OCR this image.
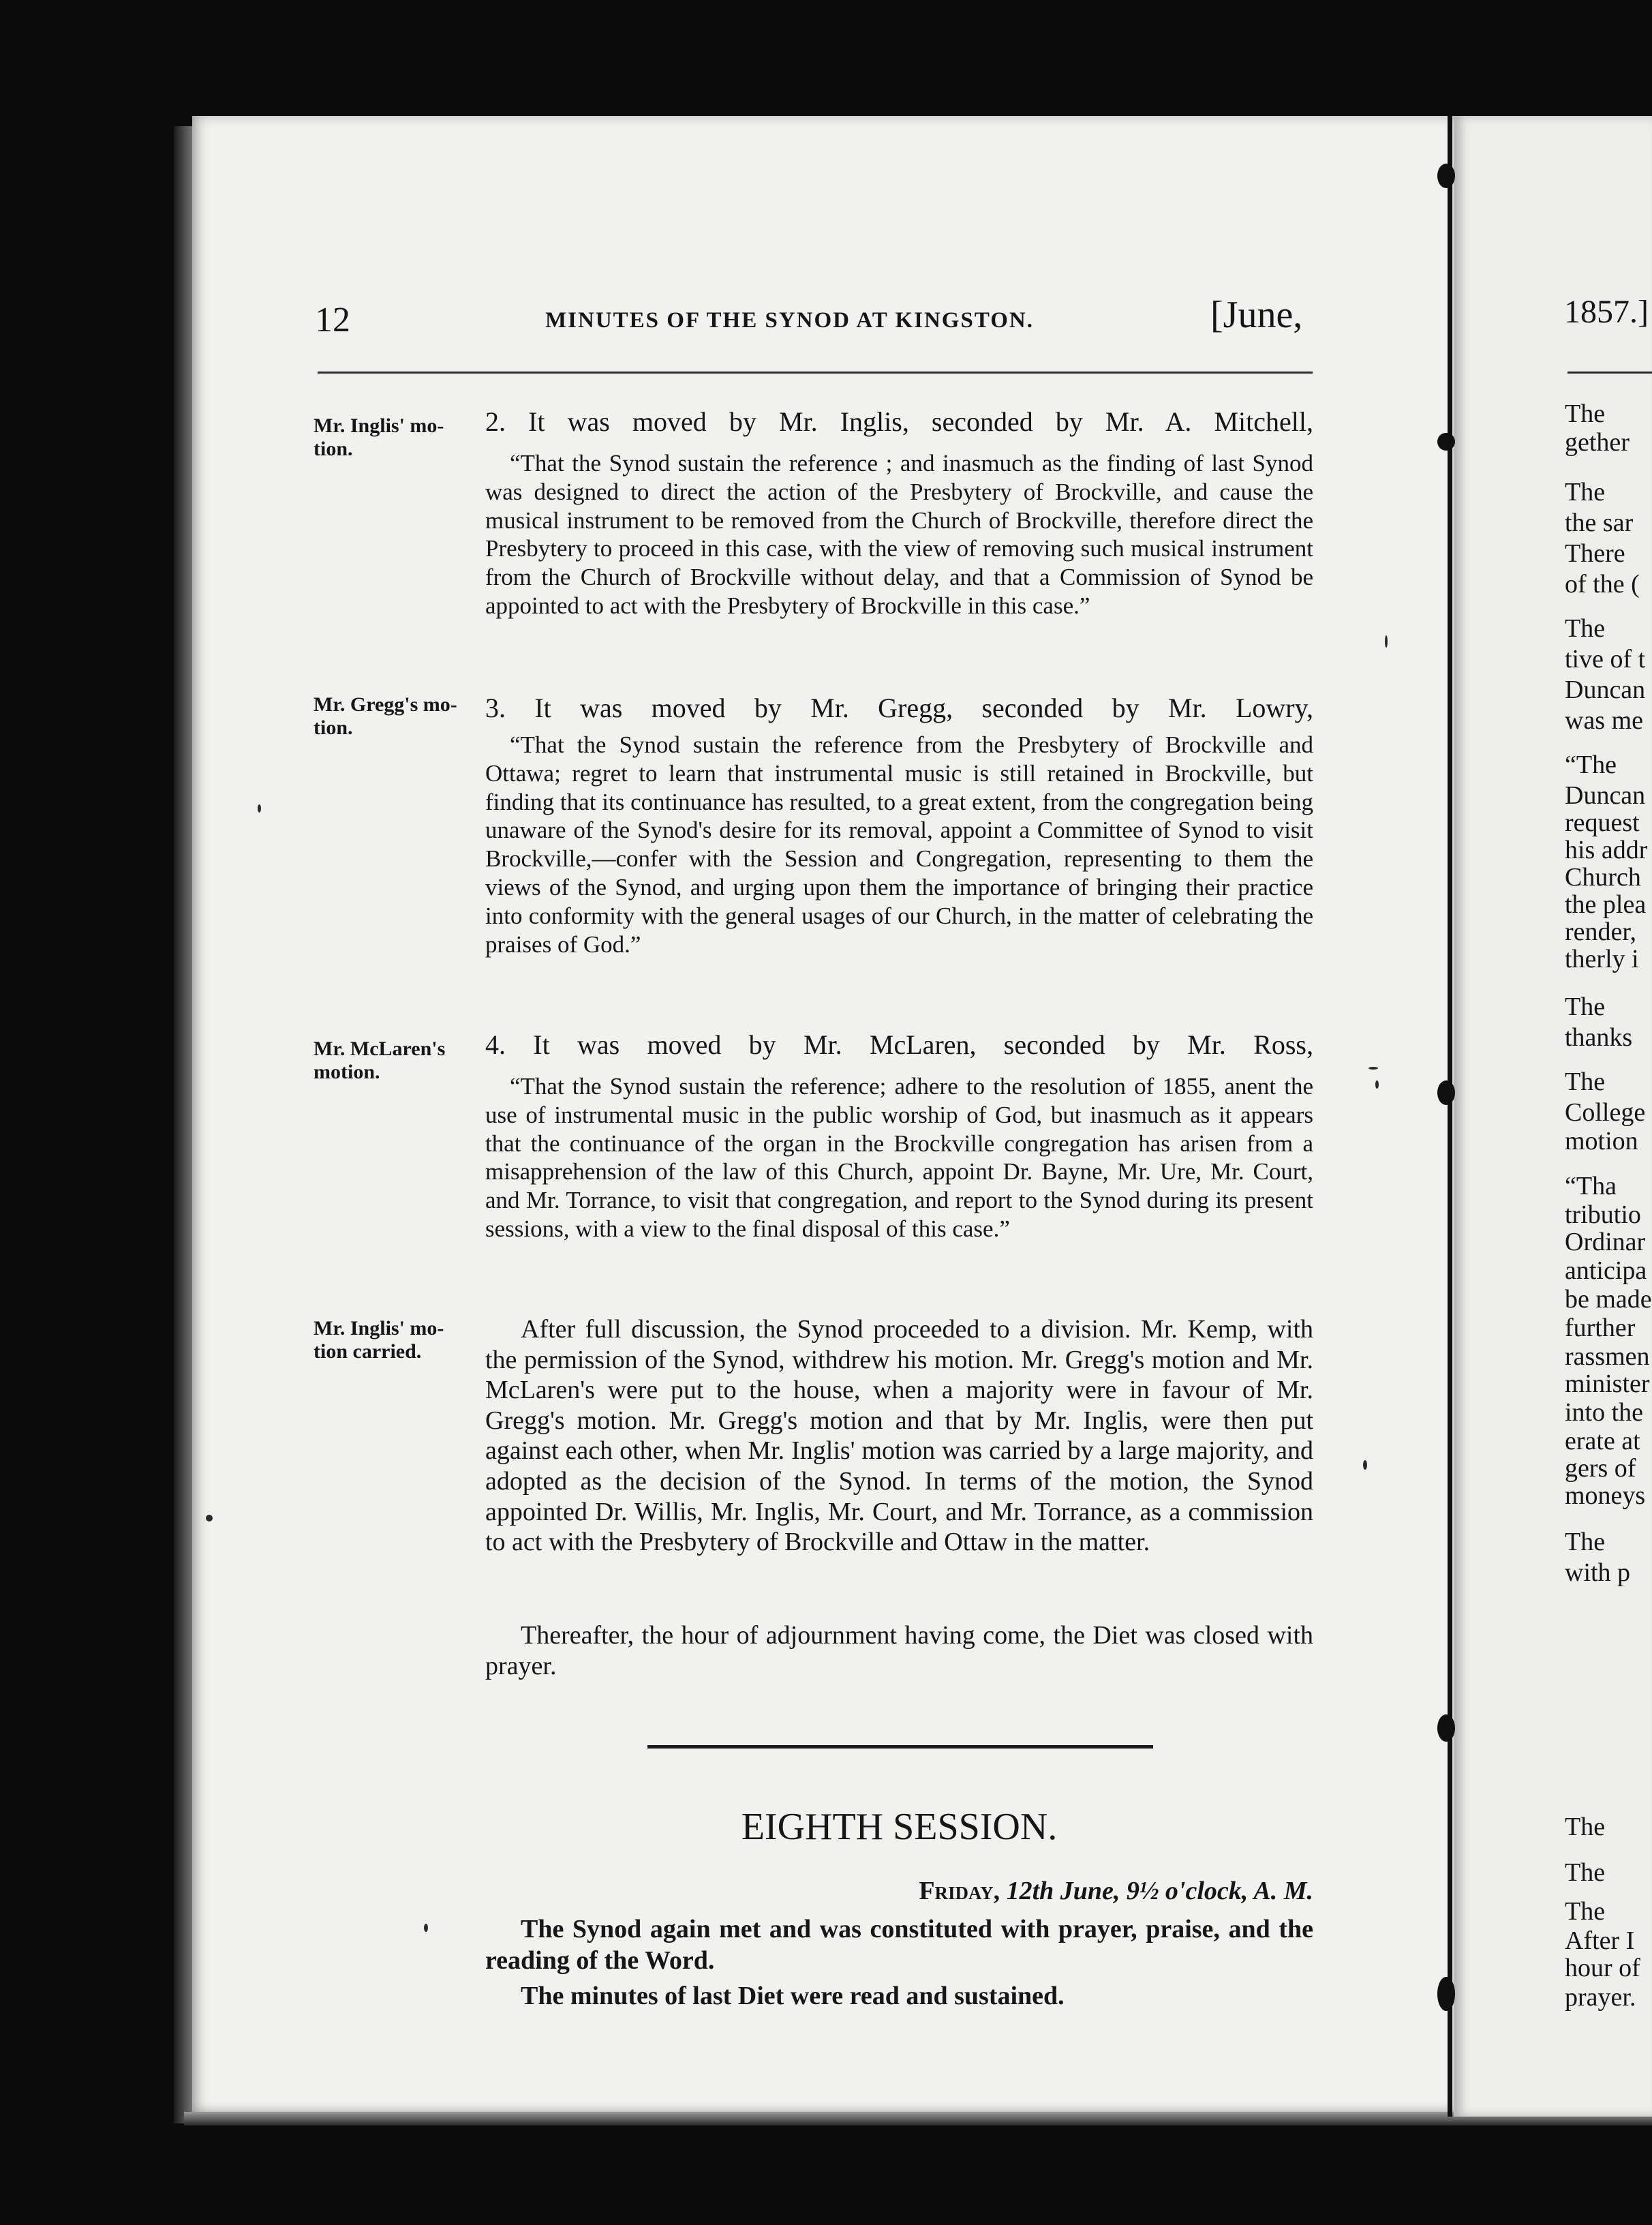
12	MINUTES OF THE SYNOD AT KINGSTON.	[June,
Mr. Inglis' mo-
tion.
Mr. Gregg's mo-
tion.
Mr. McLaren's
motion.
Mr. Inglis' mo-
tion carried.
2. It was moved by Mr. Inglis, seconded by Mr. A. Mitchell,

“That the Synod sustain the reference ; and inasmuch as the finding of last Synod was designed to direct the action of the Presbytery of Brockville, and cause the musical instrument to be removed from the Church of Brockville, therefore direct the Presbytery to proceed in this case, with the view of removing such musical instrument from the Church of Brockville without delay, and that a Commission of Synod be appointed to act with the Presbytery of Brockville in this case.”

3. It was moved by Mr. Gregg, seconded by Mr. Lowry,

“That the Synod sustain the reference from the Presbytery of Brockville and Ottawa; regret to learn that instrumental music is still retained in Brockville, but finding that its continuance has resulted, to a great extent, from the congregation being unaware of the Synod's desire for its removal, appoint a Committee of Synod to visit Brockville,—confer with the Session and Congregation, representing to them the views of the Synod, and urging upon them the importance of bringing their practice into conformity with the general usages of our Church, in the matter of celebrating the praises of God.”

4. It was moved by Mr. McLaren, seconded by Mr. Ross,

“That the Synod sustain the reference; adhere to the resolution of 1855, anent the use of instrumental music in the public worship of God, but inasmuch as it appears that the continuance of the organ in the Brockville congregation has arisen from a misapprehension of the law of this Church, appoint Dr. Bayne, Mr. Ure, Mr. Court, and Mr. Torrance, to visit that congregation, and report to the Synod during its present sessions, with a view to the final disposal of this case.”

After full discussion, the Synod proceeded to a division. Mr. Kemp, with the permission of the Synod, withdrew his motion. Mr. Gregg's motion and Mr. McLaren's were put to the house, when a majority were in favour of Mr. Gregg's motion. Mr. Gregg's motion and that by Mr. Inglis, were then put against each other, when Mr. Inglis' motion was carried by a large majority, and adopted as the decision of the Synod. In terms of the motion, the Synod appointed Dr. Willis, Mr. Inglis, Mr. Court, and Mr. Torrance, as a commission to act with the Presbytery of Brockville and Ottaw in the matter.

Thereafter, the hour of adjournment having come, the Diet was closed with prayer.

EIGHTH SESSION.
Friday, 12th June, 9½ o'clock, A. M.

The Synod again met and was constituted with prayer, praise, and the reading of the Word.

The minutes of last Diet were read and sustained.

1857.]
The
gether
The
the sar
There
of the (
The
tive of t
Duncan
was me
“The
Duncan
request
his addr
Church
the plea
render,
therly i
The
thanks
The
College
motion
“Tha
tributio
Ordinar
anticipa
be made
further
rassmen
minister
into the
erate at
gers of
moneys
The
with p
The
The
The
After I
hour of
prayer.
